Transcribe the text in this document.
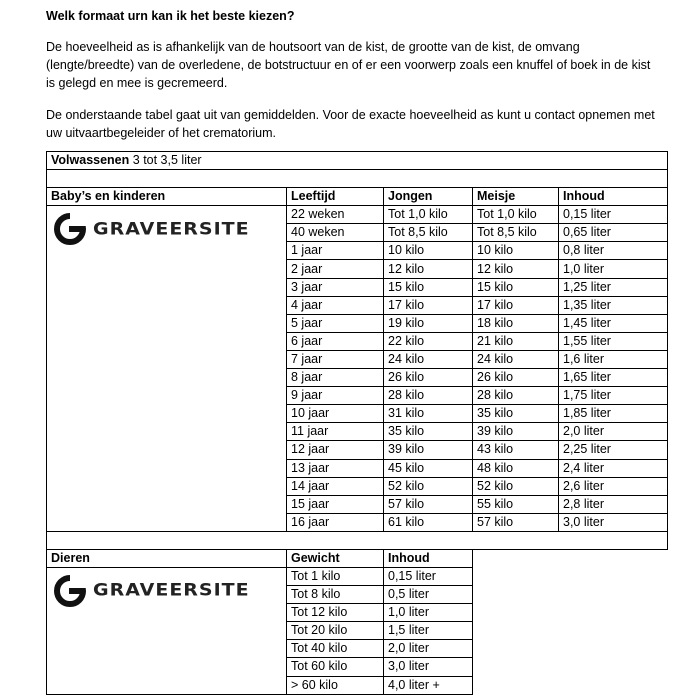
Welk formaat urn kan ik het beste kiezen?

De hoeveelheid as is afhankelijk van de houtsoort van de kist, de grootte van de kist, de omvang (lengte/breedte) van de overledene, de botstructuur en of er een voorwerp zoals een knuffel of boek in de kist is gelegd en mee is gecremeerd.

De onderstaande tabel gaat uit van gemiddelden. Voor de exacte hoeveelheid as kunt u contact opnemen met uw uitvaartbegeleider of het crematorium.

Volwassenen 3 tot 3,5 liter				

Baby’s en kinderen	Leeftijd	Jongen	Meisje	Inhoud

GRAVEERSITE	22 weken	Tot 1,0 kilo	Tot 1,0 kilo	0,15 liter
	40 weken	Tot 8,5 kilo	Tot 8,5 kilo	0,65 liter
	1 jaar	10 kilo	10 kilo	0,8 liter
	2 jaar	12 kilo	12 kilo	1,0 liter
	3 jaar	15 kilo	15 kilo	1,25 liter
	4 jaar	17 kilo	17 kilo	1,35 liter
	5 jaar	19 kilo	18 kilo	1,45 liter
	6 jaar	22 kilo	21 kilo	1,55 liter
	7 jaar	24 kilo	24 kilo	1,6 liter
	8 jaar	26 kilo	26 kilo	1,65 liter
	9 jaar	28 kilo	28 kilo	1,75 liter
	10 jaar	31 kilo	35 kilo	1,85 liter
	11 jaar	35 kilo	39 kilo	2,0 liter
	12 jaar	39 kilo	43 kilo	2,25 liter
	13 jaar	45 kilo	48 kilo	2,4 liter
	14 jaar	52 kilo	52 kilo	2,6 liter
	15 jaar	57 kilo	55 kilo	2,8 liter
	16 jaar	61 kilo	57 kilo	3,0 liter

Dieren	Gewicht	Inhoud		

GRAVEERSITE	Tot 1 kilo	0,15 liter		
	Tot 8 kilo	0,5 liter		
	Tot 12 kilo	1,0 liter		
	Tot 20 kilo	1,5 liter		
	Tot 40 kilo	2,0 liter		
	Tot 60 kilo	3,0 liter		
	> 60 kilo	4,0 liter +		
